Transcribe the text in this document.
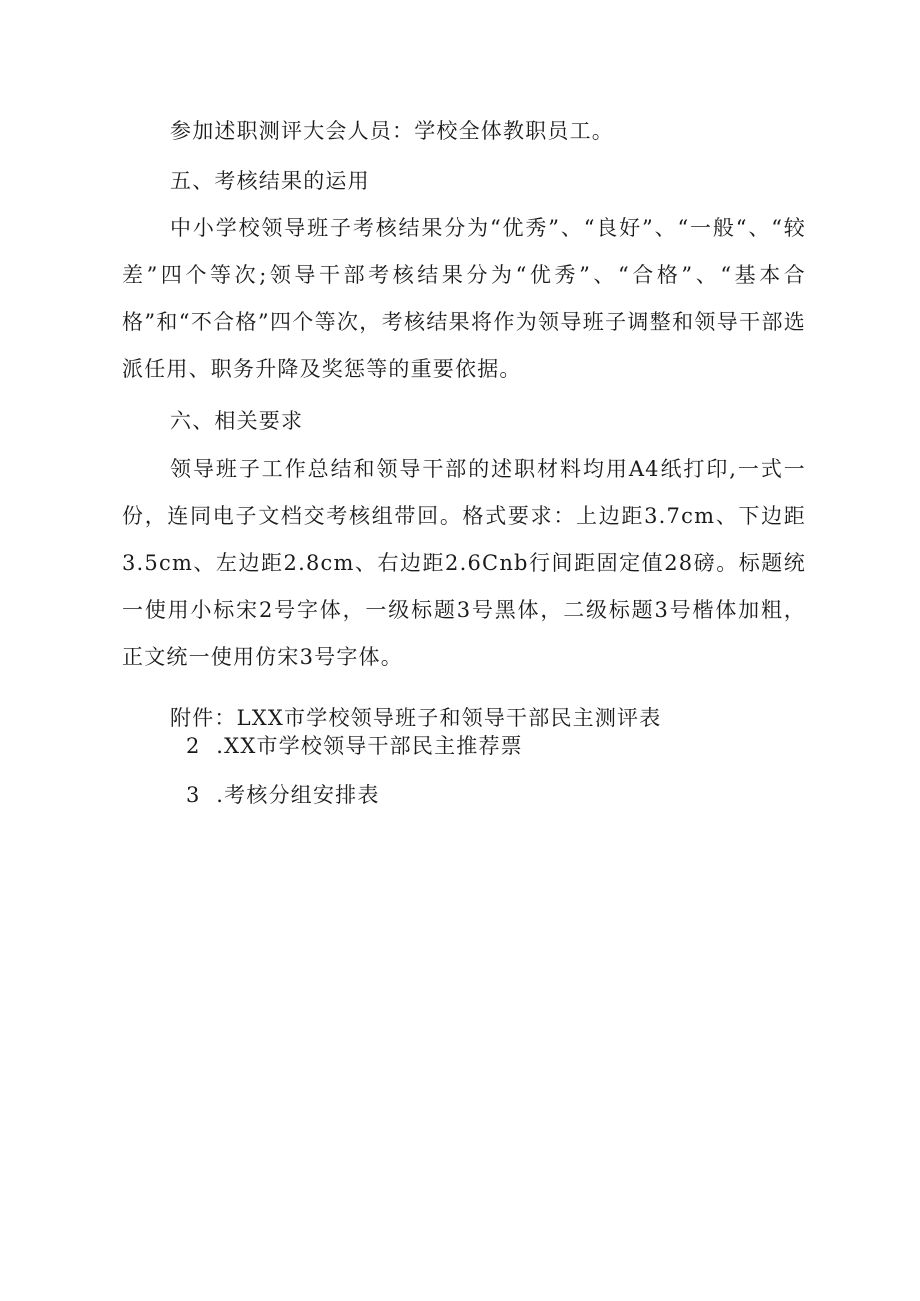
参加述职测评大会人员：学校全体教职员工。

五、考核结果的运用

中小学校领导班子考核结果分为“优秀”、“良好”、“一般“、“较差”四个等次;领导干部考核结果分为“优秀”、“合格”、“基本合格”和“不合格”四个等次，考核结果将作为领导班子调整和领导干部选派任用、职务升降及奖惩等的重要依据。

六、相关要求

领导班子工作总结和领导干部的述职材料均用A4纸打印,一式一份，连同电子文档交考核组带回。格式要求：上边距3.7cm、下边距3.5cm、左边距2.8cm、右边距2.6Cnb行间距固定值28磅。标题统一使用小标宋2号字体，一级标题3号黑体，二级标题3号楷体加粗，正文统一使用仿宋3号字体。

附件：LXX市学校领导班子和领导干部民主测评表

2  .XX市学校领导干部民主推荐票

3  .考核分组安排表
